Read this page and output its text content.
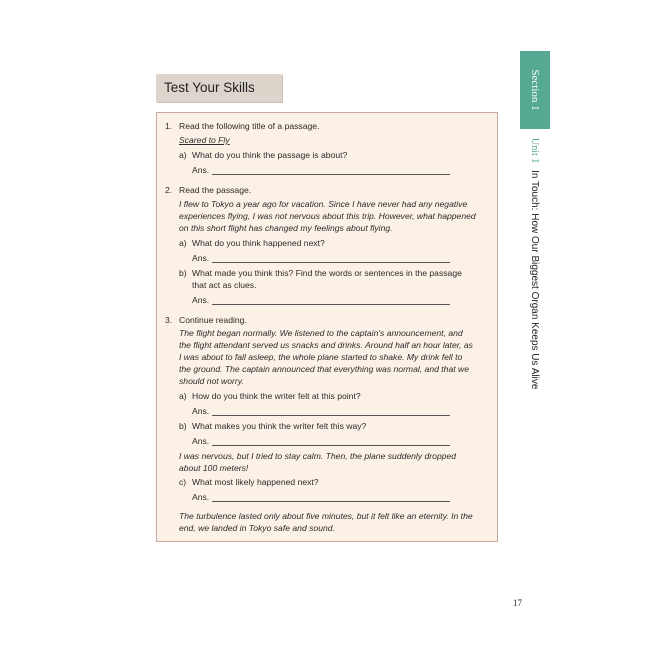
Test Your Skills	Section 1
Unit 1 In Touch: How Our Biggest Organ Keeps Us Alive
1. Read the following title of a passage.
Scared to Fly
a) What do you think the passage is about?
Ans.
2. Read the passage.
I flew to Tokyo a year ago for vacation. Since I have never had any negative
experiences flying, I was not nervous about this trip. However, what happened
on this short flight has changed my feelings about flying.
a) What do you think happened next?
Ans.
b) What made you think this? Find the words or sentences in the passage
that act as clues.
Ans.
3. Continue reading.
The flight began normally. We listened to the captain's announcement, and
the flight attendant served us snacks and drinks. Around half an hour later, as
I was about to fall asleep, the whole plane started to shake. My drink fell to
the ground. The captain announced that everything was normal, and that we
should not worry.
a) How do you think the writer felt at this point?
Ans.
b) What makes you think the writer felt this way?
Ans.
I was nervous, but I tried to stay calm. Then, the plane suddenly dropped
about 100 meters!
c) What most likely happened next?
Ans.
The turbulence lasted only about five minutes, but it felt like an eternity. In the
end, we landed in Tokyo safe and sound.
17
